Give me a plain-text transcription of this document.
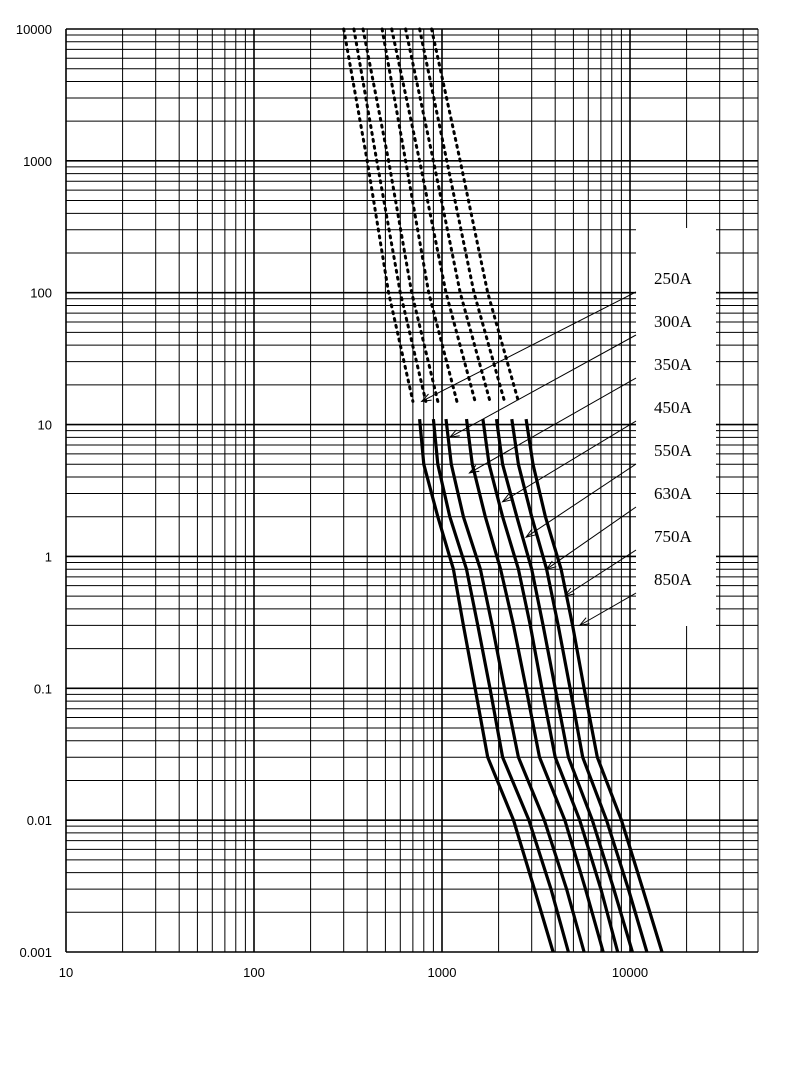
10	100	1000	10000
10000
1000
100
10
1
0.1
0.01
0.001
250A
300A
350A
450A
550A
630A
750A
850A
